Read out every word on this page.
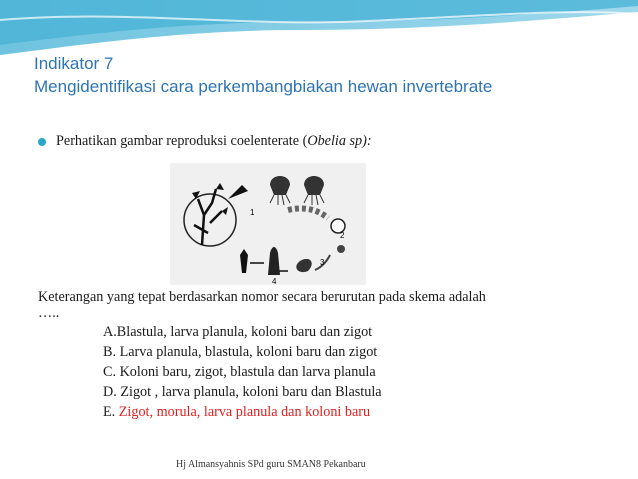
Indikator 7
Mengidentifikasi cara perkembangbiakan hewan invertebrate
Perhatikan gambar reproduksi coelenterate ( Obelia sp):
1
2
3
4
Keterangan yang tepat berdasarkan nomor secara berurutan pada skema adalah
…..
A.Blastula, larva planula, koloni baru dan zigot
B. Larva planula, blastula, koloni baru dan zigot
C. Koloni baru, zigot, blastula dan larva planula
D. Zigot , larva planula, koloni baru dan Blastula
E. Zigot, morula, larva planula dan koloni baru
Hj Almansyahnis SPd guru SMAN8 Pekanbaru
